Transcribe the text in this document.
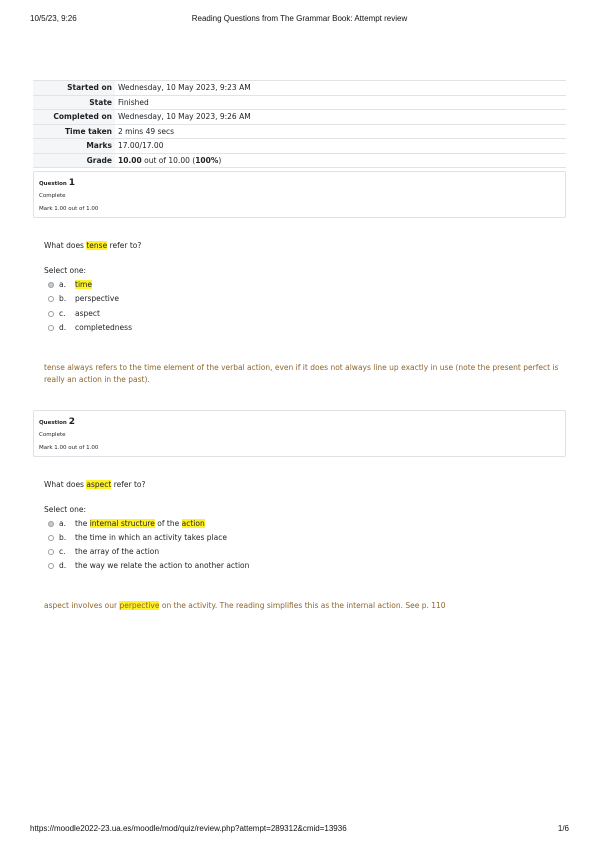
10/5/23, 9:26	Reading Questions from The Grammar Book: Attempt review
Started on	Wednesday, 10 May 2023, 9:23 AM
State	Finished
Completed on	Wednesday, 10 May 2023, 9:26 AM
Time taken	2 mins 49 secs
Marks	17.00/17.00
Grade	10.00 out of 10.00 (100%)
Question 1
Complete
Mark 1.00 out of 1.00
What does tense refer to?
Select one:
a. time
b. perspective
c. aspect
d. completedness
tense always refers to the time element of the verbal action, even if it does not always line up exactly in use (note the present perfect is really an action in the past).
Question 2
Complete
Mark 1.00 out of 1.00
What does aspect refer to?
Select one:
a. the internal structure of the action
b. the time in which an activity takes place
c. the array of the action
d. the way we relate the action to another action
aspect involves our perpective on the activity. The reading simplifies this as the internal action. See p. 110
https://moodle2022-23.ua.es/moodle/mod/quiz/review.php?attempt=289312&cmid=13936	1/6
